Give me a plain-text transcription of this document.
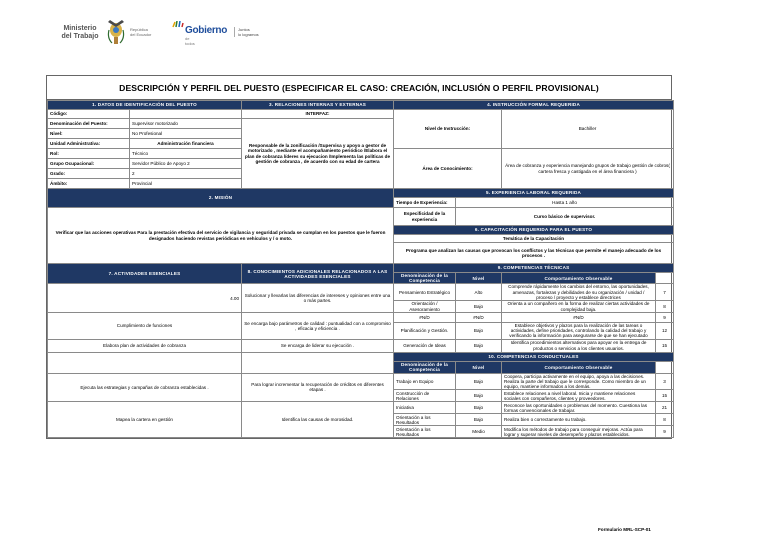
Ministerio
del Trabajo
República
del Ecuador	Gobierno
de todos
Juntos
lo logramos
DESCRIPCIÓN Y PERFIL DEL PUESTO (ESPECIFICAR EL CASO: CREACIÓN, INCLUSIÓN O PERFIL PROVISIONAL)
1. DATOS DE IDENTIFICACIÓN DEL PUESTO		3. RELACIONES INTERNAS Y EXTERNAS	4. INSTRUCCIÓN FORMAL REQUERIDA			
Código:		INTERFAZ:	Nivel de Instrucción:		Bachiller	
Denominación del Puesto:	Supervisor motorizado	Responsable de la zonificación /Supervisa y apoyo a gestor de motorizado , mediante el acompañamiento periódico /Elabora el plan de cobranza líderes su ejecucion /Implementa las políticas de gestión de cobranza , de acuerdo con su edad de cartera				
Nivel:	No Profesional					
Unidad Administrativa:	Administración financiera					
Rol:	Técnico		Área de Conocimiento:		Área de cobranza y experiencia manejando grupos de trabajo gestión de cobros( cartera fresca y castigada en el área financiera )	
Grupo Ocupacional:	Servidor Público de Apoyo 2					
Grado:	2					
Ámbito:	Provincial					
2. MISIÓN			5. EXPERIENCIA LABORAL REQUERIDA			
			Tiempo de Experiencia:	Hasta 1 año		
Verificar que las acciones operativas Para la prestación efectiva del servicio de vigilancia y seguridad privada se cumplan en los puestos que le fueron designados haciendo revistas periódicas en vehículos y / o moto.			Especificidad de la experiencia	Curso básico de supervisor.		
			6. CAPACITACIÓN REQUERIDA PARA EL PUESTO			
			Temática de la Capacitación			
			Programa que analizan las causas que provocan los conflictos y las técnicas que permite el manejo adecuado de los procesos .			
7. ACTIVIDADES ESENCIALES		8. CONOCIMIENTOS ADICIONALES RELACIONADOS A LAS ACTIVIDADES ESENCIALES	9. COMPETENCIAS TÉCNICAS			
			Denominación de la Competencia	Nivel	Comportamiento Observable	

4.00		Solucionar y llevarlas las diferencias de intereses y opiniones entre una o más partes.	Pensamiento Estratégico	Alto	Comprende rápidamente los cambios del entorno, las oportunidades, amenazas, fortalezas y debilidades de su organización / unidad / proceso / proyecto y establece directrices	7
			Orientación / Asesoramiento	Bajo	Orienta a un compañero en la forma de realizar ciertas actividades de complejidad baja.	8
Cumplimiento de funciones		Se encarga bajo parámetros de calidad : puntualidad con a compromiso , eficacia y eficiencia .	#N/D	#N/D	#N/D	9
			Planificación y Gestión.	Bajo	Establece objetivos y plazos para la realización de las tareas o actividades, define prioridades, controlando la calidad del trabajo y verificando la información para asegurarse de que se han ejecutado	12
Elabora plan de actividades de cobranza		Se encarga de liderar su ejecución .	Generación de Ideas	Bajo	Identifica procedimientos alternativos para apoyar en la entrega de productos o servicios a los clientes usuarios.	15
			10. COMPETENCIAS CONDUCTUALES			
			Denominación de la Competencia	Nivel	Comportamiento Observable	
Ejecuta las estrategias y campañas de cobranza establecidas .		Para lograr incrementar la recuperación de créditos en diferentes etapas .	Trabajo en Equipo	Bajo	Coopera, participa activamente en el equipo, apoya a las decisiones. Realiza la parte del trabajo que le corresponde. Como miembro de un equipo, mantiene informados a los demás.	3
			Construcción de Relaciones	Bajo	Establece relaciones a nivel laboral. Inicia y mantiene relaciones sociales con compañeros, clientes y proveedores.	15
Mapea la cartera en gestión		Identifica las causas de morosidad.	Iniciativa	Bajo	Reconoce las oportunidades o problemas del momento. Cuestiona las formas convencionales de trabajar.	21
			Orientación a los Resultados	Bajo	Realiza bien o correctamente su trabajo.	8
			Orientación a los Resultados	Medio	Modifica los métodos de trabajo para conseguir mejoras. Actúa para lograr y superar niveles de desempeño y plazos establecidos.	9
Formulario MRL-SCP-01
